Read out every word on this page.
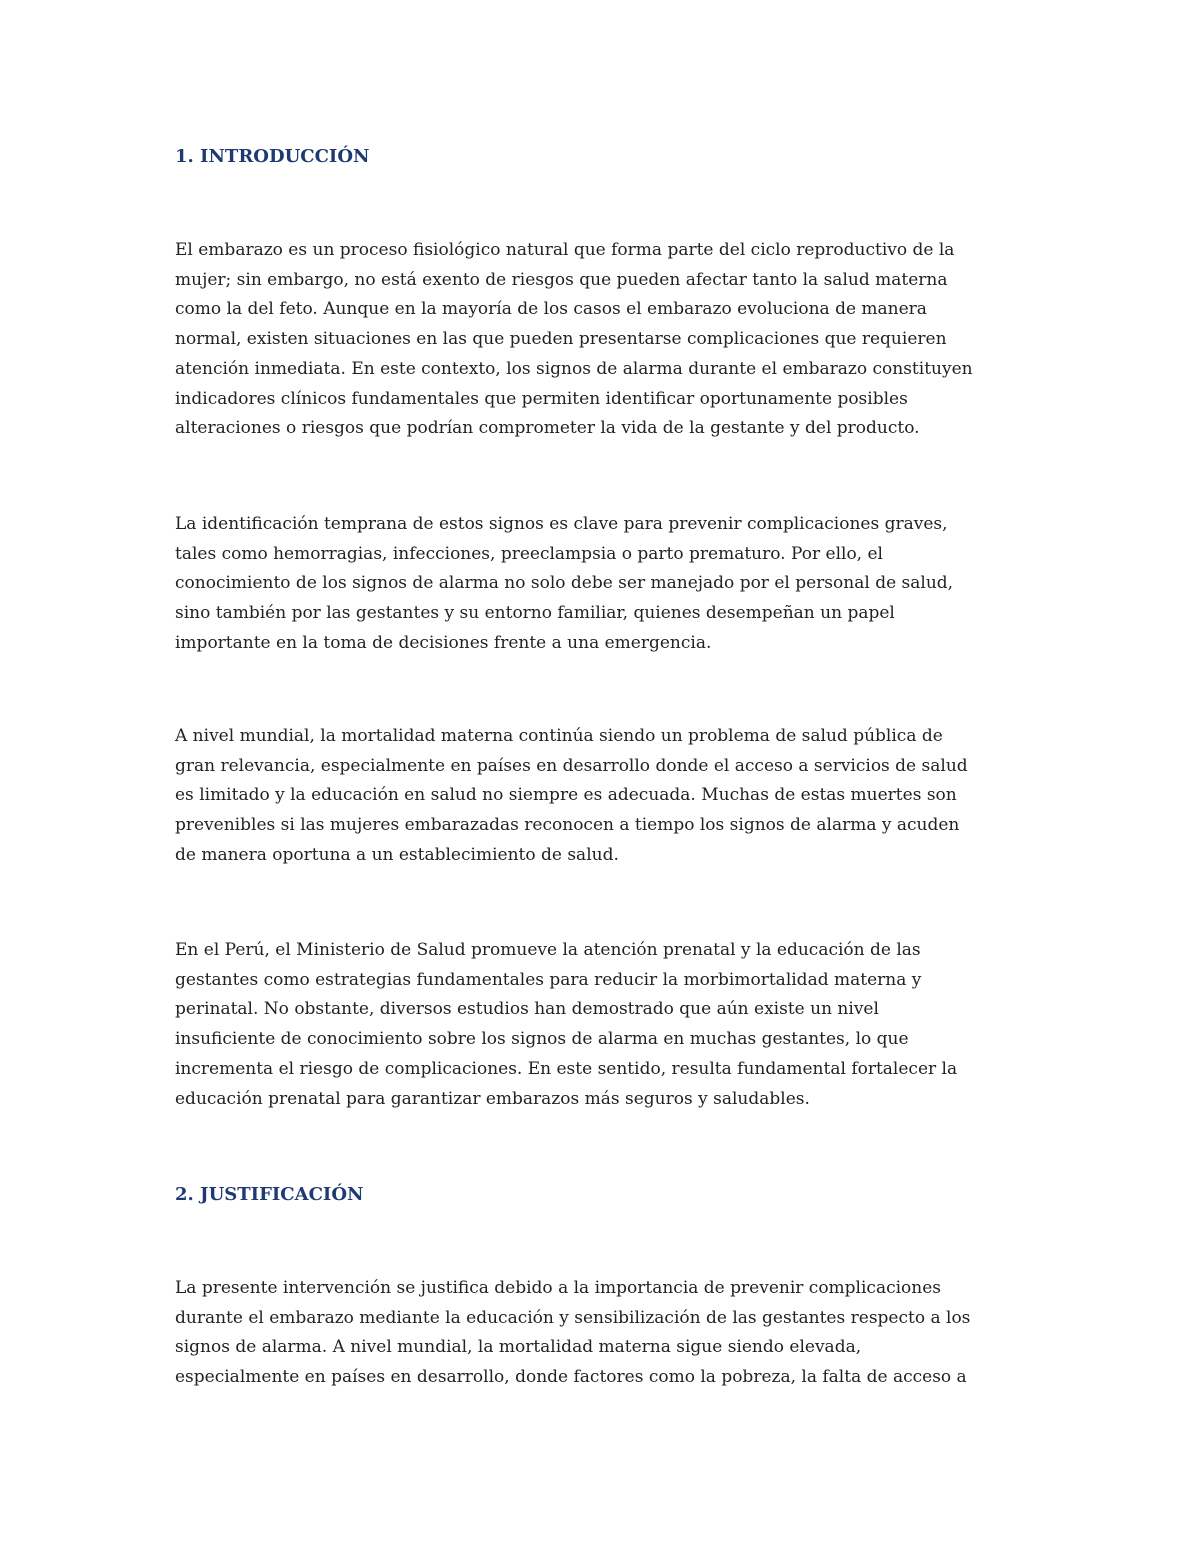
1. INTRODUCCIÓN

El embarazo es un proceso fisiológico natural que forma parte del ciclo reproductivo de la
mujer; sin embargo, no está exento de riesgos que pueden afectar tanto la salud materna
como la del feto. Aunque en la mayoría de los casos el embarazo evoluciona de manera
normal, existen situaciones en las que pueden presentarse complicaciones que requieren
atención inmediata. En este contexto, los signos de alarma durante el embarazo constituyen
indicadores clínicos fundamentales que permiten identificar oportunamente posibles
alteraciones o riesgos que podrían comprometer la vida de la gestante y del producto.

La identificación temprana de estos signos es clave para prevenir complicaciones graves,
tales como hemorragias, infecciones, preeclampsia o parto prematuro. Por ello, el
conocimiento de los signos de alarma no solo debe ser manejado por el personal de salud,
sino también por las gestantes y su entorno familiar, quienes desempeñan un papel
importante en la toma de decisiones frente a una emergencia.

A nivel mundial, la mortalidad materna continúa siendo un problema de salud pública de
gran relevancia, especialmente en países en desarrollo donde el acceso a servicios de salud
es limitado y la educación en salud no siempre es adecuada. Muchas de estas muertes son
prevenibles si las mujeres embarazadas reconocen a tiempo los signos de alarma y acuden
de manera oportuna a un establecimiento de salud.

En el Perú, el Ministerio de Salud promueve la atención prenatal y la educación de las
gestantes como estrategias fundamentales para reducir la morbimortalidad materna y
perinatal. No obstante, diversos estudios han demostrado que aún existe un nivel
insuficiente de conocimiento sobre los signos de alarma en muchas gestantes, lo que
incrementa el riesgo de complicaciones. En este sentido, resulta fundamental fortalecer la
educación prenatal para garantizar embarazos más seguros y saludables.

2. JUSTIFICACIÓN

La presente intervención se justifica debido a la importancia de prevenir complicaciones
durante el embarazo mediante la educación y sensibilización de las gestantes respecto a los
signos de alarma. A nivel mundial, la mortalidad materna sigue siendo elevada,
especialmente en países en desarrollo, donde factores como la pobreza, la falta de acceso a
